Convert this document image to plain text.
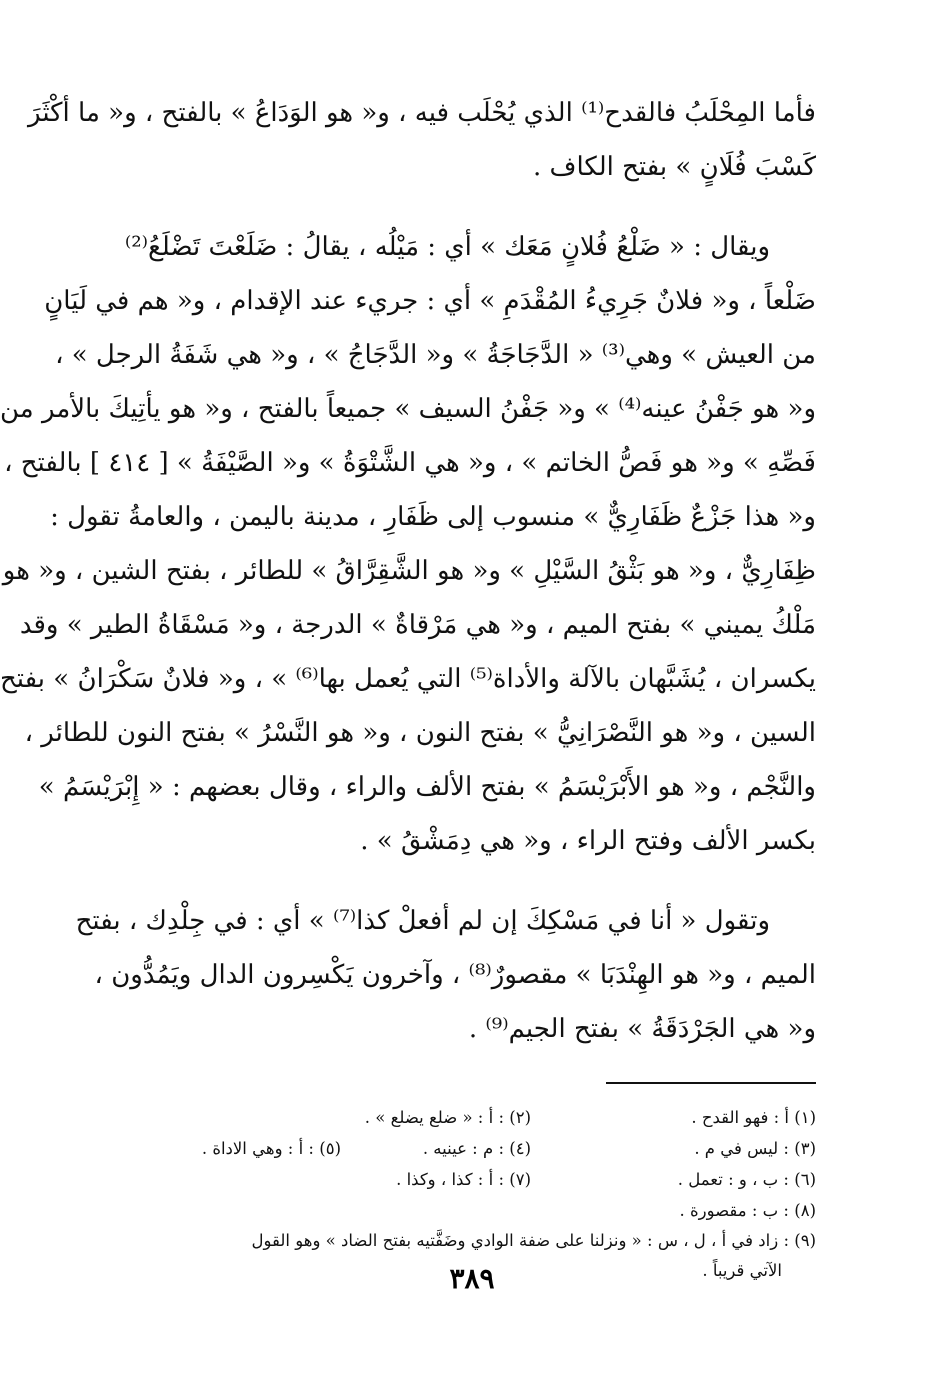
فأما المِحْلَبُ فالقدح⁽¹⁾ الذي يُحْلَب فيه ، و« هو الوَدَاعُ » بالفتح ، و« ما أكْثَرَ
كَسْبَ فُلَانٍ » بفتح الكاف .
ويقال : « ضَلْعُ فُلانٍ مَعَك » أي : مَيْلُه ، يقالُ : ضَلَعْتَ تَضْلَعُ⁽²⁾
ضَلْعاً ، و« فلانٌ جَرِيءُ المُقْدَمِ » أي : جريء عند الإقدام ، و« هم في لَيَانٍ
من العيش » وهي⁽³⁾ « الدَّجَاجَةُ » و« الدَّجَاجُ » ، و« هي شَفَةُ الرجل » ،
و« هو جَفْنُ عينه⁽⁴⁾ » و« جَفْنُ السيف » جميعاً بالفتح ، و« هو يأتِيكَ بالأمر من
فَصِّهِ » و« هو فَصُّ الخاتم » ، و« هي الشَّتْوَةُ » و« الصَّيْفَةُ » [ ٤١٤ ] بالفتح ،
و« هذا جَزْعٌ ظَفَارِيٌّ » منسوب إلى ظَفَارِ ، مدينة باليمن ، والعامةُ تقول :
ظِفَارِيٌّ ، و« هو بَثْقُ السَّيْلِ » و« هو الشَّقِرَّاقُ » للطائر ، بفتح الشين ، و« هو
مَلْكُ يميني » بفتح الميم ، و« هي مَرْقاةٌ » الدرجة ، و« مَسْقَاةُ الطير » وقد
يكسران ، يُشَبَّهان بالآلة والأداة⁽⁵⁾ التي يُعمل بها⁽⁶⁾ » ، و« فلانٌ سَكْرَانُ » بفتح
السين ، و« هو النَّصْرَانِيُّ » بفتح النون ، و« هو النَّسْرُ » بفتح النون للطائر ،
والنَّجْم ، و« هو الأَبْرَيْسَمُ » بفتح الألف والراء ، وقال بعضهم : « إِبْرَيْسَمُ »
بكسر الألف وفتح الراء ، و« هي دِمَشْقُ » .
وتقول « أنا في مَسْكِكَ إن لم أفعلْ كذا⁽⁷⁾ » أي : في جِلْدِك ، بفتح
الميم ، و« هو الهِنْدَبَا » مقصورٌ⁽⁸⁾ ، وآخرون يَكْسِرون الدال ويَمُدُّون ،
و« هي الجَرْدَقَةُ » بفتح الجيم⁽⁹⁾ .
(١) أ : فهو القدح .
(٢) : أ : « ضلع يضلع » .
(٣) : ليس في م .
(٤) : م : عينيه .
(٥) : أ : وهي الاداة .
(٦) : ب ، و : تعمل .
(٧) : أ : كذا ، وكذا .
(٨) : ب : مقصورة .
(٩) : زاد في أ ، ل ، س : « ونزلنا على ضفة الوادي وضَفَّتيه بفتح الضاد » وهو القول
الآتي قريباً .
٣٨٩
